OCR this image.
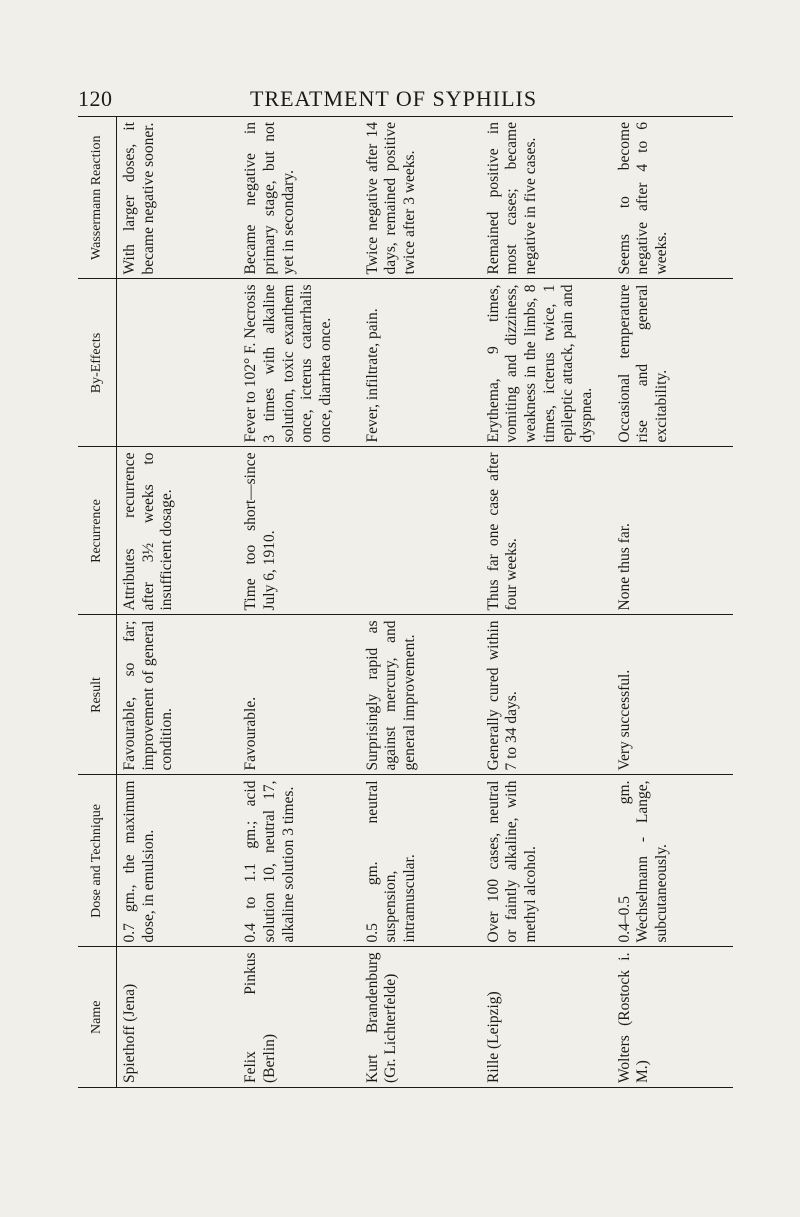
120	TREATMENT OF SYPHILIS
Name	Dose and Technique	Result	Recurrence	By-Effects	Wassermann Reaction

Spiethoff (Jena)	0.7 gm., the maximum dose, in emulsion.	Favourable, so far; improvement of general condition.	Attributes recurrence after 3½ weeks to insufficient dosage.		With larger doses, it became negative sooner.

Felix Pinkus (Berlin)	0.4 to 1.1 gm.; acid solution 10, neutral 17, alkaline solution 3 times.	Favourable.	Time too short—since July 6, 1910.	Fever to 102° F. Necrosis 3 times with alkaline solution, toxic exanthem once, icterus catarrhalis once, diarrhea once.	Became negative in primary stage, but not yet in secondary.

Kurt Brandenburg (Gr. Lichterfelde)	0.5 gm. neutral suspension, intramuscular.	Surprisingly rapid as against mercury, and general improvement.		Fever, infiltrate, pain.	Twice negative after 14 days, remained positive twice after 3 weeks.

Rille (Leipzig)	Over 100 cases, neutral or faintly alkaline, with methyl alcohol.	Generally cured within 7 to 34 days.	Thus far one case after four weeks.	Erythema, 9 times, vomiting and dizziness, weakness in the limbs, 8 times, icterus twice, 1 epileptic attack, pain and dyspnea.	Remained positive in most cases; became negative in five cases.

Wolters (Rostock i. M.)	0.4–0.5 gm. Wechselmann - Lange, subcutaneously.	Very successful.	None thus far.	Occasional temperature rise and general excitability.	Seems to become negative after 4 to 6 weeks.
